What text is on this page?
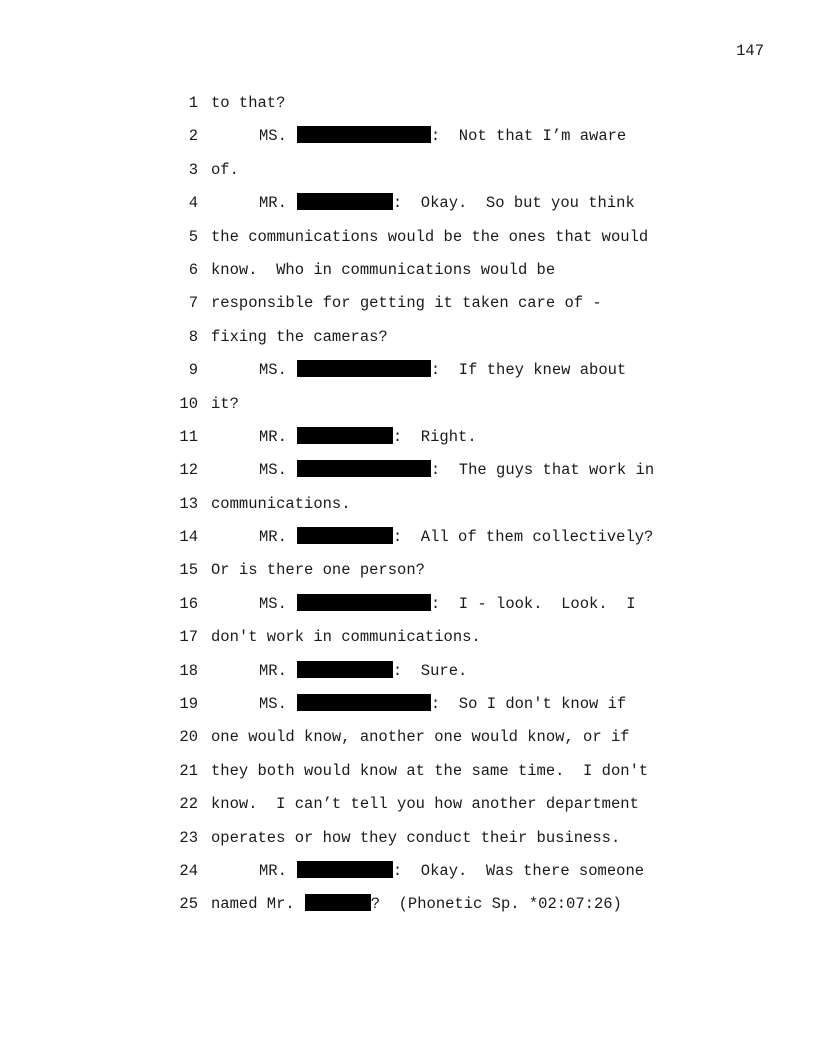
147
1 to that?
2	MS.	:  Not that I’m aware
3 of.
4	MR.	:  Okay.  So but you think
5 the communications would be the ones that would
6 know.  Who in communications would be
7 responsible for getting it taken care of -
8 fixing the cameras?
9	MS.	:  If they knew about
10 it?
11	MR.	:  Right.
12	MS.	:  The guys that work in
13 communications.
14	MR.	:  All of them collectively?
15 Or is there one person?
16	MS.	:  I - look.  Look.  I
17 don't work in communications.
18	MR.	:  Sure.
19	MS.	:  So I don't know if
20 one would know, another one would know, or if
21 they both would know at the same time.  I don't
22 know.  I can’t tell you how another department
23 operates or how they conduct their business.
24	MR.	:  Okay.  Was there someone
25 named Mr.	?  (Phonetic Sp. *02:07:26)
